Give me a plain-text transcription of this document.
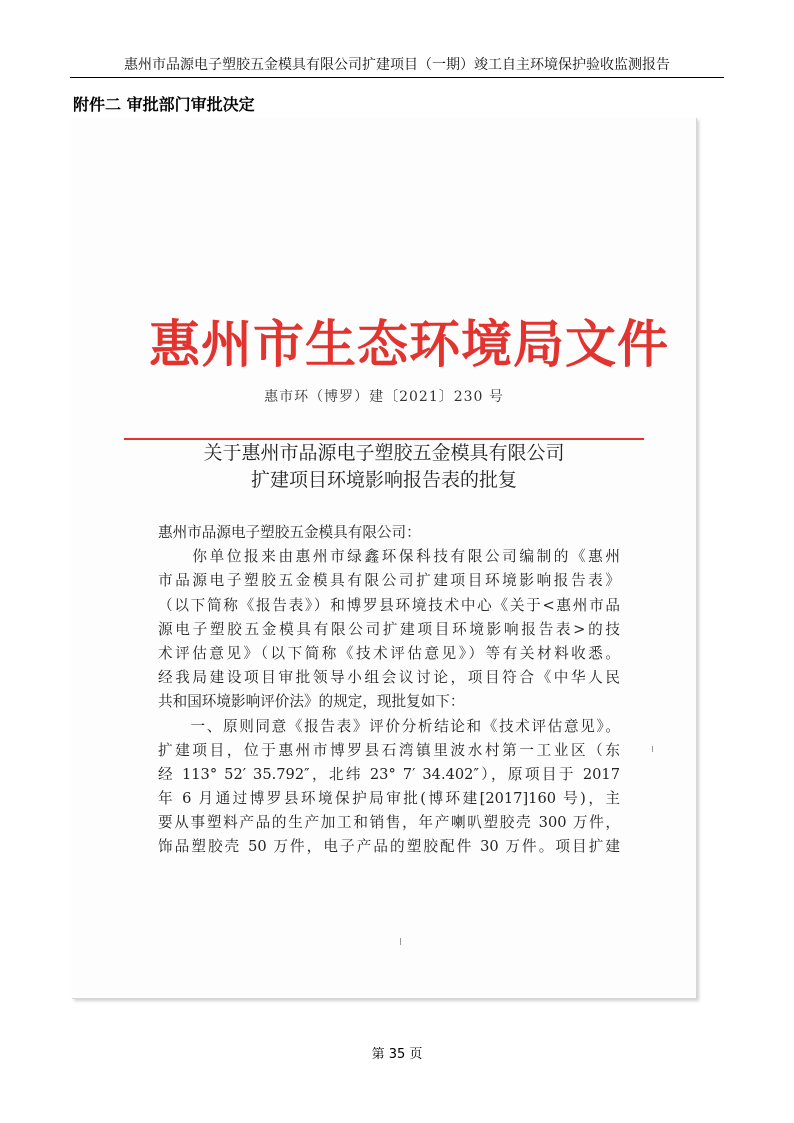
惠州市品源电子塑胶五金模具有限公司扩建项目（一期）竣工自主环境保护验收监测报告
附件二 审批部门审批决定
惠州市生态环境局文件
惠市环（博罗）建〔2021〕230 号
关于惠州市品源电子塑胶五金模具有限公司
扩建项目环境影响报告表的批复
惠州市品源电子塑胶五金模具有限公司：
　　你单位报来由惠州市绿鑫环保科技有限公司编制的《惠州
市品源电子塑胶五金模具有限公司扩建项目环境影响报告表》
（以下简称《报告表》）和博罗县环境技术中心《关于<惠州市品
源电子塑胶五金模具有限公司扩建项目环境影响报告表>的技
术评估意见》（以下简称《技术评估意见》）等有关材料收悉。
经我局建设项目审批领导小组会议讨论，项目符合《中华人民
共和国环境影响评价法》的规定，现批复如下：
　　一、原则同意《报告表》评价分析结论和《技术评估意见》。
扩建项目，位于惠州市博罗县石湾镇里波水村第一工业区（东
经 113° 52′ 35.792″，北纬 23° 7′ 34.402″），原项目于 2017
年 6 月通过博罗县环境保护局审批(博环建[2017]160 号)，主
要从事塑料产品的生产加工和销售，年产喇叭塑胶壳 300 万件，
饰品塑胶壳 50 万件，电子产品的塑胶配件 30 万件。项目扩建
第 35 页
